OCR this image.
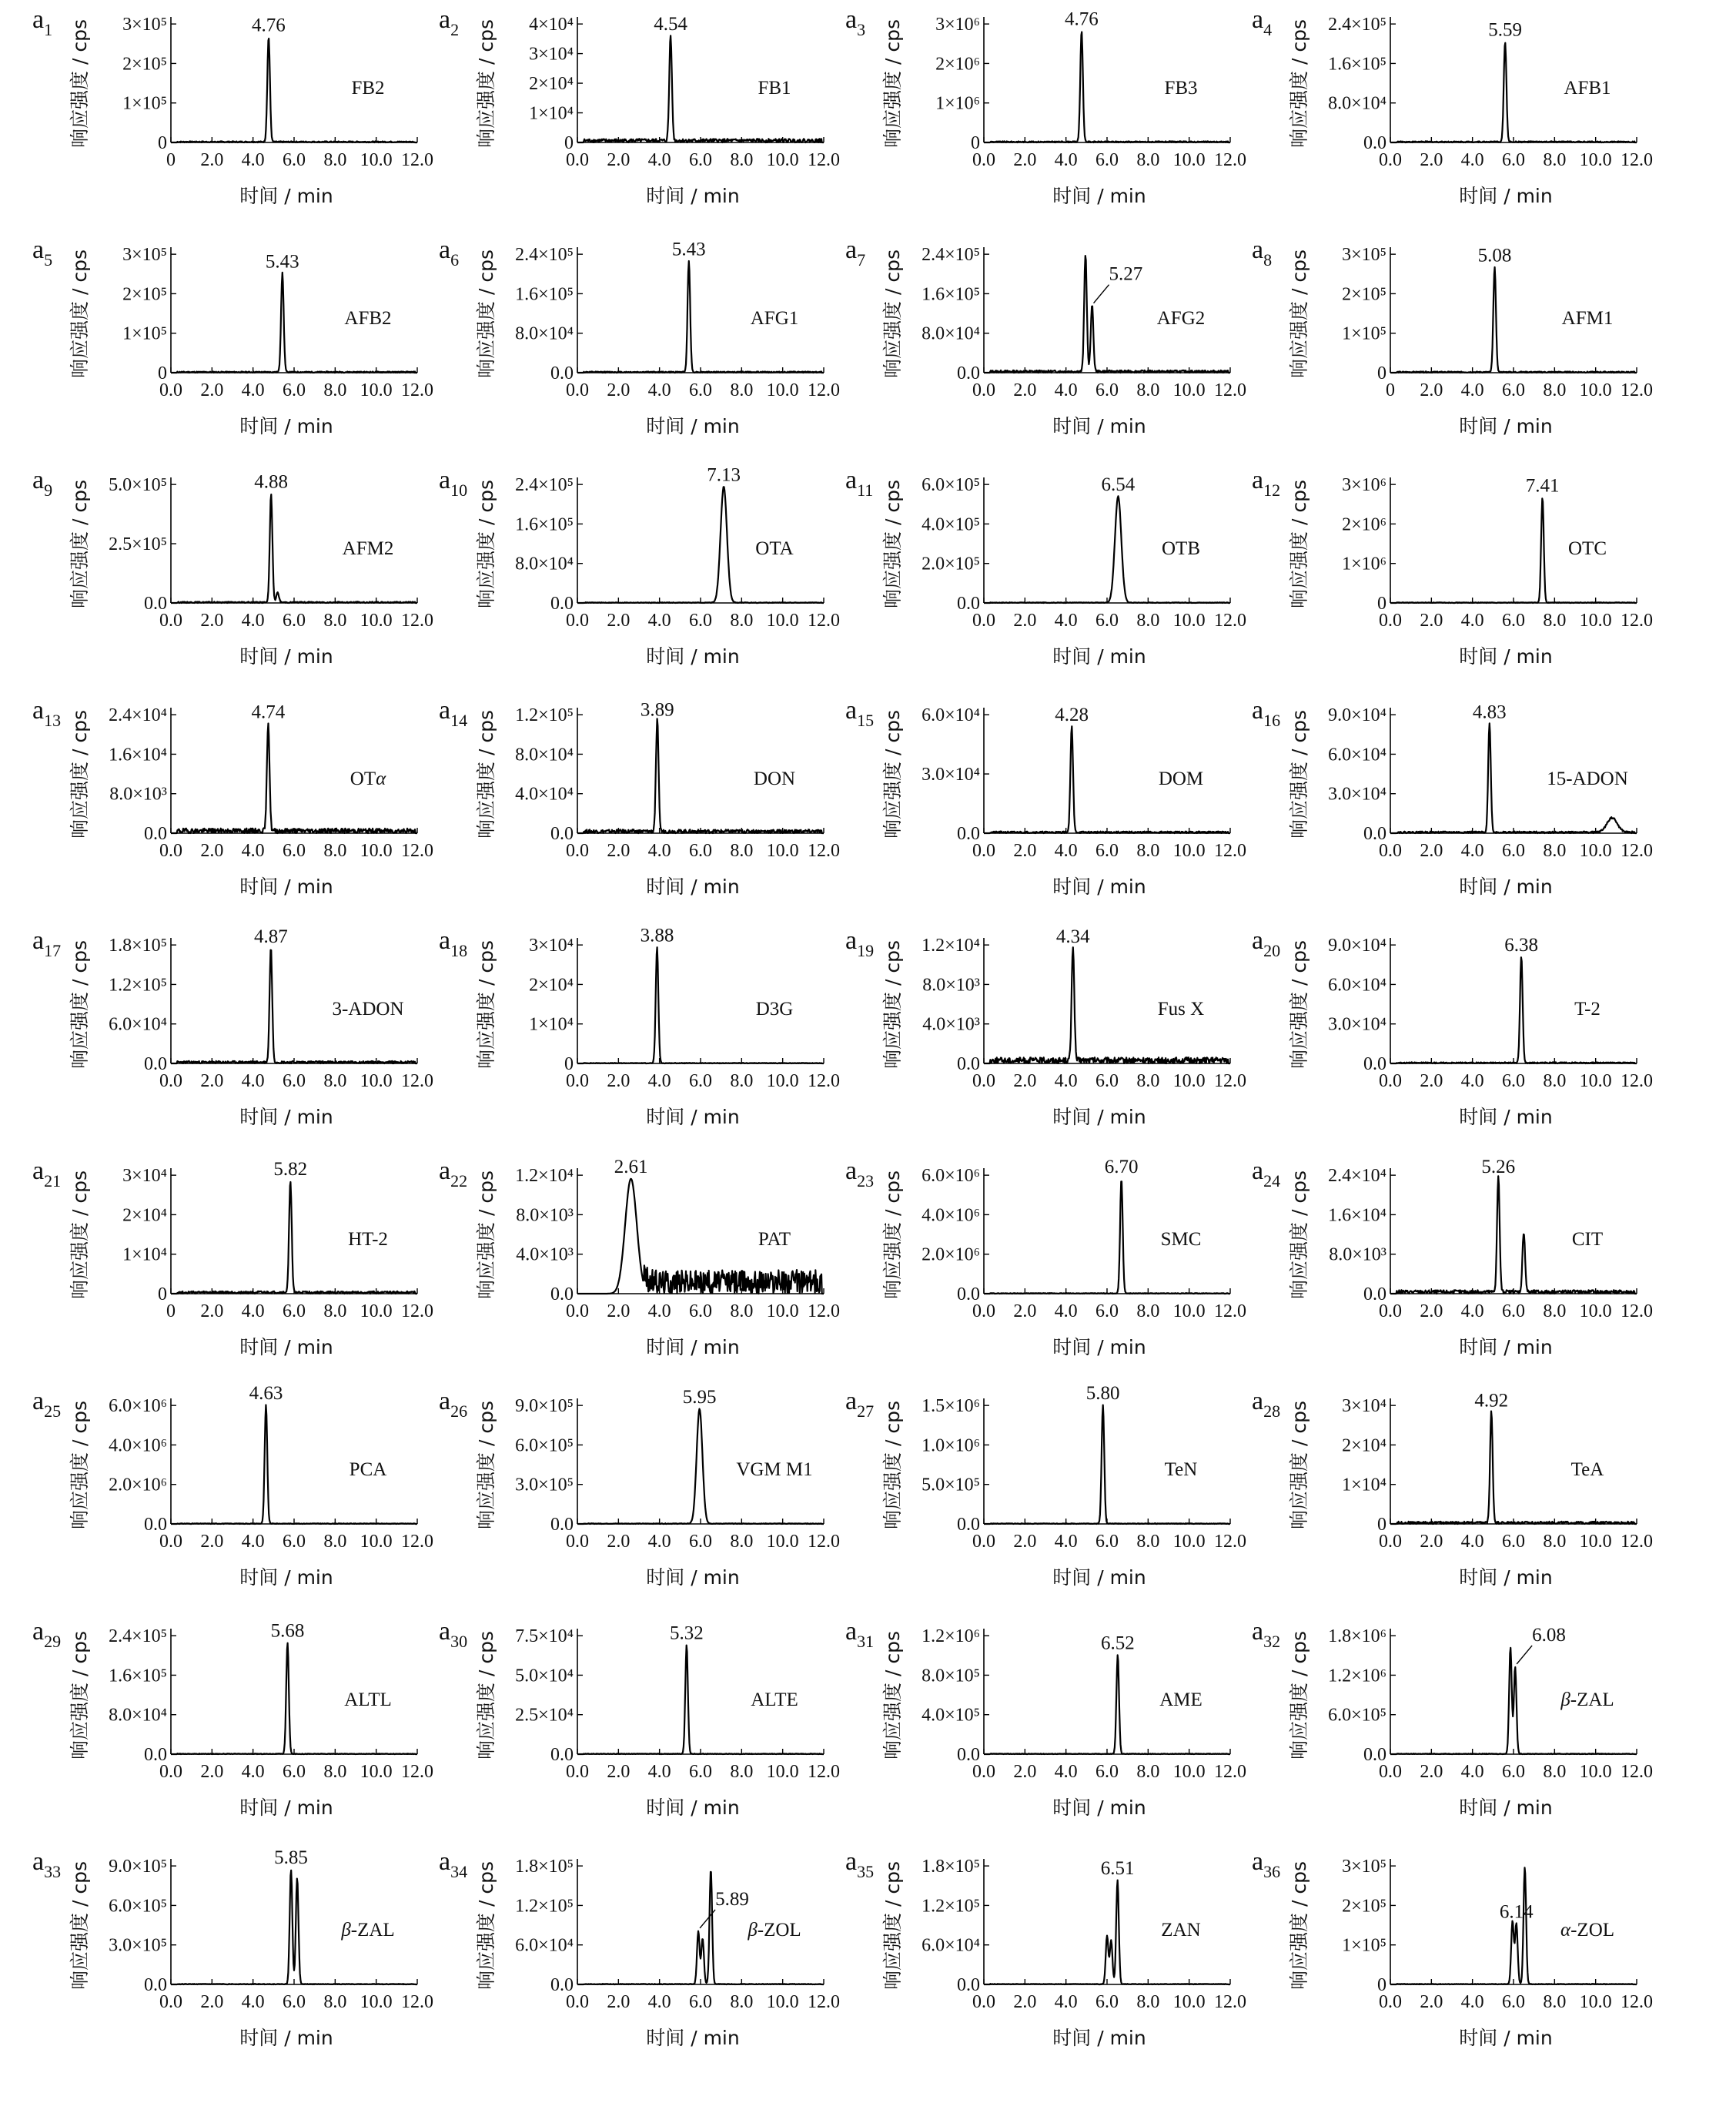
$a_1$ 响应强度 / cps
时间 / min
0
1×10⁵
2×10⁵
3×10⁵
0 2.0 4.0 6.0 8.0 10.0 12.0
4.76
FB2
$a_2$ 响应强度 / cps
时间 / min
0
1×10⁴
2×10⁴
3×10⁴
4×10⁴
0.0 2.0 4.0 6.0 8.0 10.0 12.0
4.54
FB1
$a_3$ 响应强度 / cps
时间 / min
0
1×10⁶
2×10⁶
3×10⁶
0.0 2.0 4.0 6.0 8.0 10.0 12.0
4.76
FB3
$a_4$ 响应强度 / cps
时间 / min
0.0
8.0×10⁴
1.6×10⁵
2.4×10⁵
0.0 2.0 4.0 6.0 8.0 10.0 12.0
5.59
AFB1
$a_5$ 响应强度 / cps
时间 / min
0
1×10⁵
2×10⁵
3×10⁵
0.0 2.0 4.0 6.0 8.0 10.0 12.0
5.43
AFB2
$a_6$ 响应强度 / cps
时间 / min
0.0
8.0×10⁴
1.6×10⁵
2.4×10⁵
0.0 2.0 4.0 6.0 8.0 10.0 12.0
5.43
AFG1
$a_7$ 响应强度 / cps
时间 / min
0.0
8.0×10⁴
1.6×10⁵
2.4×10⁵
0.0 2.0 4.0 6.0 8.0 10.0 12.0
5.27
AFG2
$a_8$ 响应强度 / cps
时间 / min
0
1×10⁵
2×10⁵
3×10⁵
0 2.0 4.0 6.0 8.0 10.0 12.0
5.08
AFM1
$a_9$ 响应强度 / cps
时间 / min
0.0
2.5×10⁵
5.0×10⁵
0.0 2.0 4.0 6.0 8.0 10.0 12.0
4.88
AFM2
$a_{10}$ 响应强度 / cps
时间 / min
0.0
8.0×10⁴
1.6×10⁵
2.4×10⁵
0.0 2.0 4.0 6.0 8.0 10.0 12.0
7.13
OTA
$a_{11}$ 响应强度 / cps
时间 / min
0.0
2.0×10⁵
4.0×10⁵
6.0×10⁵
0.0 2.0 4.0 6.0 8.0 10.0 12.0
6.54
OTB
$a_{12}$ 响应强度 / cps
时间 / min
0
1×10⁶
2×10⁶
3×10⁶
0.0 2.0 4.0 6.0 8.0 10.0 12.0
7.41
OTC
$a_{13}$ 响应强度 / cps
时间 / min
0.0
8.0×10³
1.6×10⁴
2.4×10⁴
0.0 2.0 4.0 6.0 8.0 10.0 12.0
4.74
OTα
$a_{14}$ 响应强度 / cps
时间 / min
0.0
4.0×10⁴
8.0×10⁴
1.2×10⁵
0.0 2.0 4.0 6.0 8.0 10.0 12.0
3.89
DON
$a_{15}$ 响应强度 / cps
时间 / min
0.0
3.0×10⁴
6.0×10⁴
0.0 2.0 4.0 6.0 8.0 10.0 12.0
4.28
DOM
$a_{16}$ 响应强度 / cps
时间 / min
0.0
3.0×10⁴
6.0×10⁴
9.0×10⁴
0.0 2.0 4.0 6.0 8.0 10.0 12.0
4.83
15-ADON
$a_{17}$ 响应强度 / cps
时间 / min
0.0
6.0×10⁴
1.2×10⁵
1.8×10⁵
0.0 2.0 4.0 6.0 8.0 10.0 12.0
4.87
3-ADON
$a_{18}$ 响应强度 / cps
时间 / min
0
1×10⁴
2×10⁴
3×10⁴
0.0 2.0 4.0 6.0 8.0 10.0 12.0
3.88
D3G
$a_{19}$ 响应强度 / cps
时间 / min
0.0
4.0×10³
8.0×10³
1.2×10⁴
0.0 2.0 4.0 6.0 8.0 10.0 12.0
4.34
Fus X
$a_{20}$ 响应强度 / cps
时间 / min
0.0
3.0×10⁴
6.0×10⁴
9.0×10⁴
0.0 2.0 4.0 6.0 8.0 10.0 12.0
6.38
T-2
$a_{21}$ 响应强度 / cps
时间 / min
0
1×10⁴
2×10⁴
3×10⁴
0 2.0 4.0 6.0 8.0 10.0 12.0
5.82
HT-2
$a_{22}$ 响应强度 / cps
时间 / min
0.0
4.0×10³
8.0×10³
1.2×10⁴
0.0 2.0 4.0 6.0 8.0 10.0 12.0
2.61
PAT
$a_{23}$ 响应强度 / cps
时间 / min
0.0
2.0×10⁶
4.0×10⁶
6.0×10⁶
0.0 2.0 4.0 6.0 8.0 10.0 12.0
6.70
SMC
$a_{24}$ 响应强度 / cps
时间 / min
0.0
8.0×10³
1.6×10⁴
2.4×10⁴
0.0 2.0 4.0 6.0 8.0 10.0 12.0
5.26
CIT
$a_{25}$ 响应强度 / cps
时间 / min
0.0
2.0×10⁶
4.0×10⁶
6.0×10⁶
0.0 2.0 4.0 6.0 8.0 10.0 12.0
4.63
PCA
$a_{26}$ 响应强度 / cps
时间 / min
0.0
3.0×10⁵
6.0×10⁵
9.0×10⁵
0.0 2.0 4.0 6.0 8.0 10.0 12.0
5.95
VGM M1
$a_{27}$ 响应强度 / cps
时间 / min
0.0
5.0×10⁵
1.0×10⁶
1.5×10⁶
0.0 2.0 4.0 6.0 8.0 10.0 12.0
5.80
TeN
$a_{28}$ 响应强度 / cps
时间 / min
0
1×10⁴
2×10⁴
3×10⁴
0.0 2.0 4.0 6.0 8.0 10.0 12.0
4.92
TeA
$a_{29}$ 响应强度 / cps
时间 / min
0.0
8.0×10⁴
1.6×10⁵
2.4×10⁵
0.0 2.0 4.0 6.0 8.0 10.0 12.0
5.68
ALTL
$a_{30}$ 响应强度 / cps
时间 / min
0.0
2.5×10⁴
5.0×10⁴
7.5×10⁴
0.0 2.0 4.0 6.0 8.0 10.0 12.0
5.32
ALTE
$a_{31}$ 响应强度 / cps
时间 / min
0.0
4.0×10⁵
8.0×10⁵
1.2×10⁶
0.0 2.0 4.0 6.0 8.0 10.0 12.0
6.52
AME
$a_{32}$ 响应强度 / cps
时间 / min
0.0
6.0×10⁵
1.2×10⁶
1.8×10⁶
0.0 2.0 4.0 6.0 8.0 10.0 12.0
6.08
β-ZAL
$a_{33}$ 响应强度 / cps
时间 / min
0.0
3.0×10⁵
6.0×10⁵
9.0×10⁵
0.0 2.0 4.0 6.0 8.0 10.0 12.0
5.85
β-ZAL
$a_{34}$ 响应强度 / cps
时间 / min
0.0
6.0×10⁴
1.2×10⁵
1.8×10⁵
0.0 2.0 4.0 6.0 8.0 10.0 12.0
5.89
β-ZOL
$a_{35}$ 响应强度 / cps
时间 / min
0.0
6.0×10⁴
1.2×10⁵
1.8×10⁵
0.0 2.0 4.0 6.0 8.0 10.0 12.0
6.51
ZAN
$a_{36}$ 响应强度 / cps
时间 / min
0
1×10⁵
2×10⁵
3×10⁵
0.0 2.0 4.0 6.0 8.0 10.0 12.0
6.14
α-ZOL
